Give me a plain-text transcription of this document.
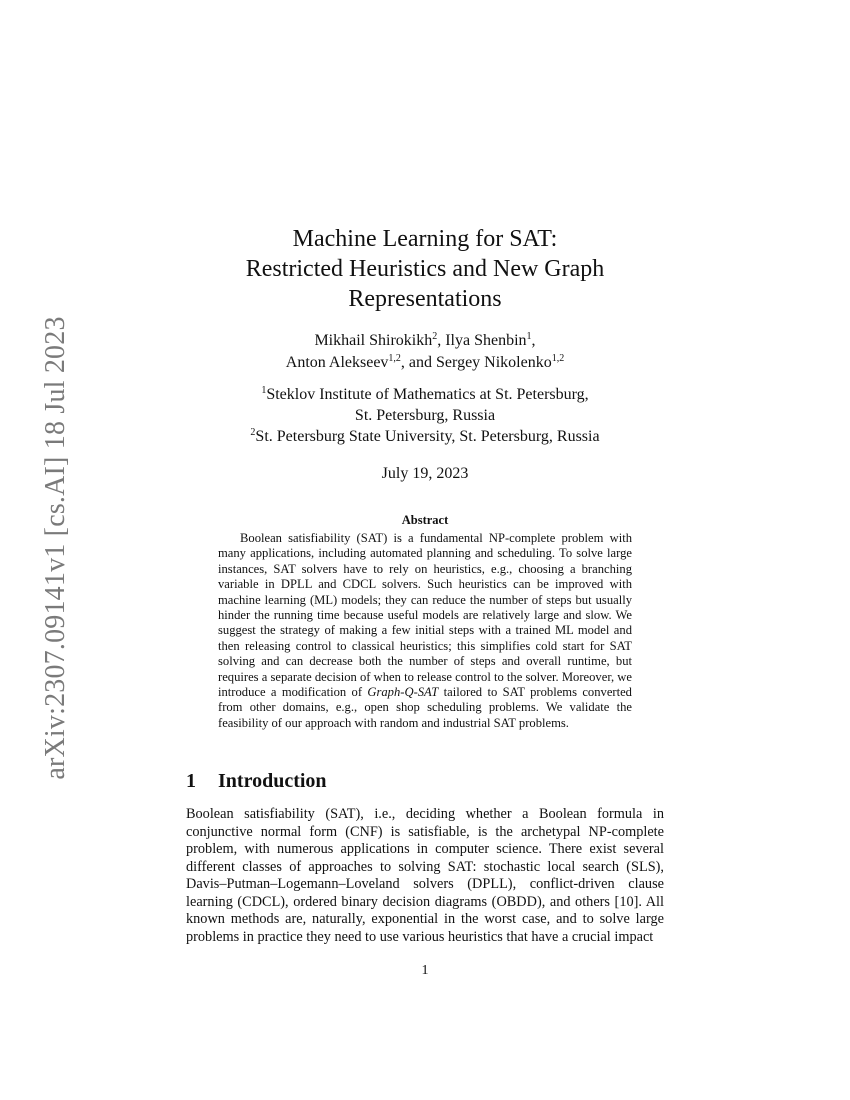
arXiv:2307.09141v1 [cs.AI] 18 Jul 2023
Machine Learning for SAT:
Restricted Heuristics and New Graph
Representations
Mikhail Shirokikh$^2$, Ilya Shenbin$^1$,
Anton Alekseev$^{1,2}$, and Sergey Nikolenko$^{1,2}$
$^1$Steklov Institute of Mathematics at St. Petersburg,
St. Petersburg, Russia
$^2$St. Petersburg State University, St. Petersburg, Russia
July 19, 2023
Abstract

Boolean satisfiability (SAT) is a fundamental NP-complete problem with many applications, including automated planning and scheduling. To solve large instances, SAT solvers have to rely on heuristics, e.g., choosing a branching variable in DPLL and CDCL solvers. Such heuristics can be improved with machine learning (ML) models; they can reduce the number of steps but usually hinder the running time because useful models are relatively large and slow. We suggest the strategy of making a few initial steps with a trained ML model and then releasing control to classical heuristics; this simplifies cold start for SAT solving and can decrease both the number of steps and overall runtime, but requires a separate decision of when to release control to the solver. Moreover, we introduce a modification of Graph-Q-SAT tailored to SAT problems converted from other domains, e.g., open shop scheduling problems. We validate the feasibility of our approach with random and industrial SAT problems.

1 Introduction

Boolean satisfiability (SAT), i.e., deciding whether a Boolean formula in conjunctive normal form (CNF) is satisfiable, is the archetypal NP-complete problem, with numerous applications in computer science. There exist several different classes of approaches to solving SAT: stochastic local search (SLS), Davis–Putman–Logemann–Loveland solvers (DPLL), conflict-driven clause learning (CDCL), ordered binary decision diagrams (OBDD), and others [10]. All known methods are, naturally, exponential in the worst case, and to solve large problems in practice they need to use various heuristics that have a crucial impact

1
